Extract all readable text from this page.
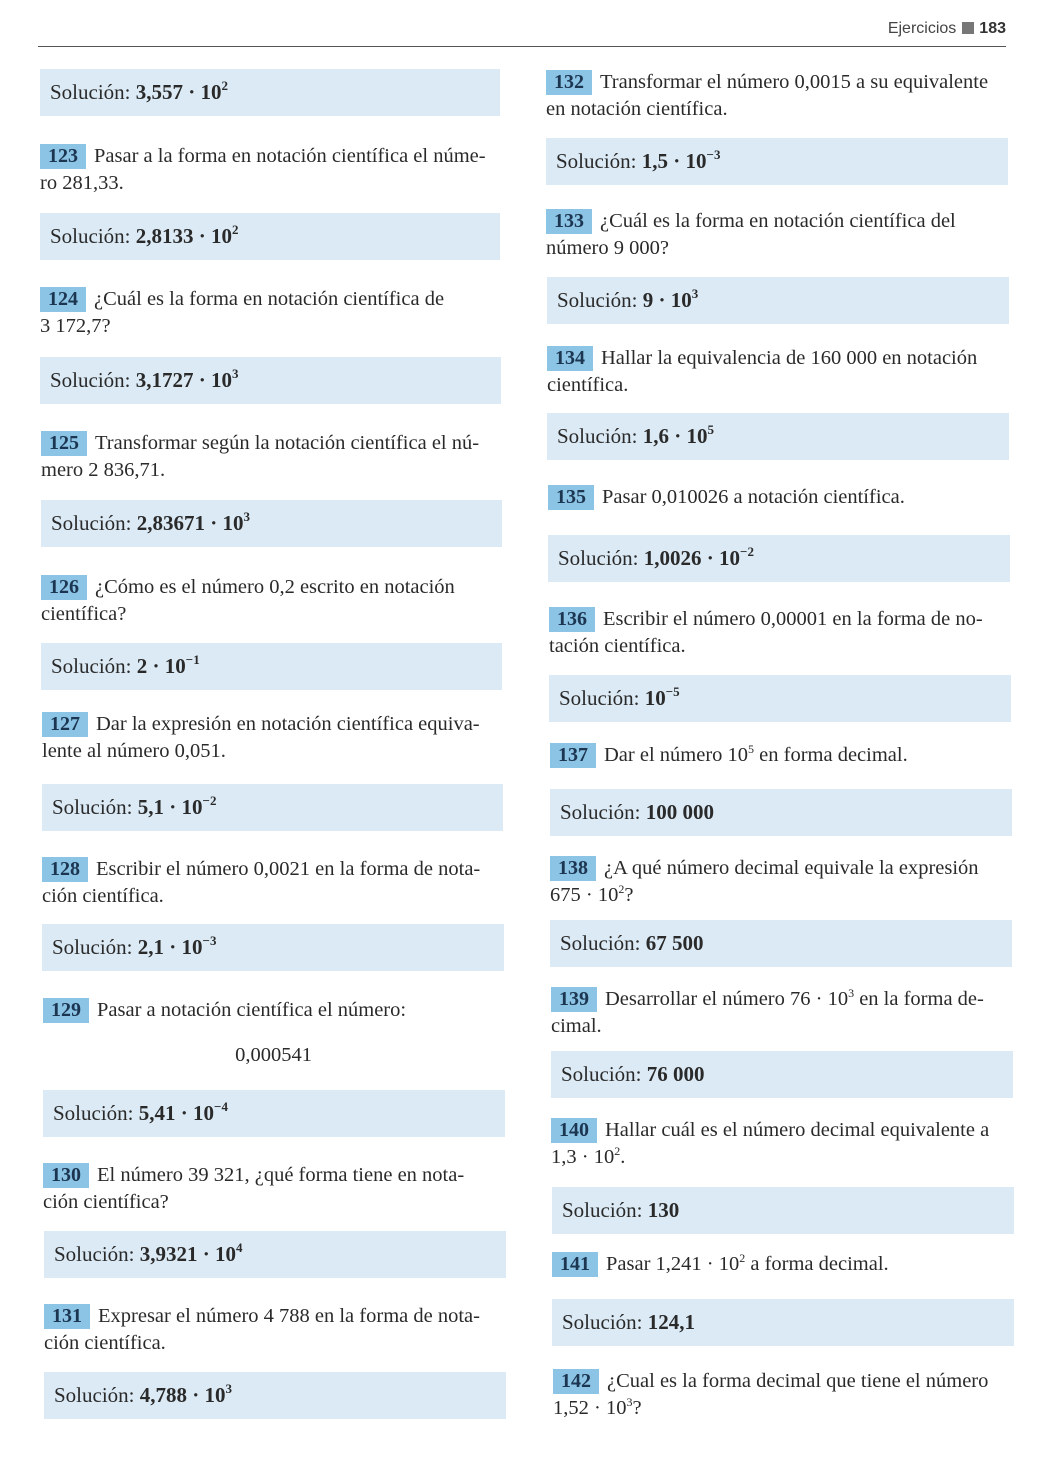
Ejercicios 183
Solución: $3,557 \cdot 10^2$
123 Pasar a la forma en notación científica el núme-
ro 281,33.
Solución: $2,8133 \cdot 10^2$
124 ¿Cuál es la forma en notación científica de
3 172,7?
Solución: $3,1727 \cdot 10^3$
125 Transformar según la notación científica el nú-
mero 2 836,71.
Solución: $2,83671 \cdot 10^3$
126 ¿Cómo es el número 0,2 escrito en notación
científica?
Solución: $2 \cdot 10^{-1}$
127 Dar la expresión en notación científica equiva-
lente al número 0,051.
Solución: $5,1 \cdot 10^{-2}$
128 Escribir el número 0,0021 en la forma de nota-
ción científica.
Solución: $2,1 \cdot 10^{-3}$
129 Pasar a notación científica el número:
0,000541
Solución: $5,41 \cdot 10^{-4}$
130 El número 39 321, ¿qué forma tiene en nota-
ción científica?
Solución: $3,9321 \cdot 10^4$
131 Expresar el número 4 788 en la forma de nota-
ción científica.
Solución: $4,788 \cdot 10^3$
132 Transformar el número 0,0015 a su equivalente
en notación científica.
Solución: $1,5 \cdot 10^{-3}$
133 ¿Cuál es la forma en notación científica del
número 9 000?
Solución: $9 \cdot 10^3$
134 Hallar la equivalencia de 160 000 en notación
científica.
Solución: $1,6 \cdot 10^5$
135 Pasar 0,010026 a notación científica.
Solución: $1,0026 \cdot 10^{-2}$
136 Escribir el número 0,00001 en la forma de no-
tación científica.
Solución: $10^{-5}$
137 Dar el número $10^5$ en forma decimal.
Solución: 100 000
138 ¿A qué número decimal equivale la expresión
$675 \cdot 10^2$?
Solución: 67 500
139 Desarrollar el número $76 \cdot 10^3$ en la forma de-
cimal.
Solución: 76 000
140 Hallar cuál es el número decimal equivalente a
$1,3 \cdot 10^2$.
Solución: 130
141 Pasar $1,241 \cdot 10^2$ a forma decimal.
Solución: 124,1
142 ¿Cual es la forma decimal que tiene el número
$1,52 \cdot 10^3$?
